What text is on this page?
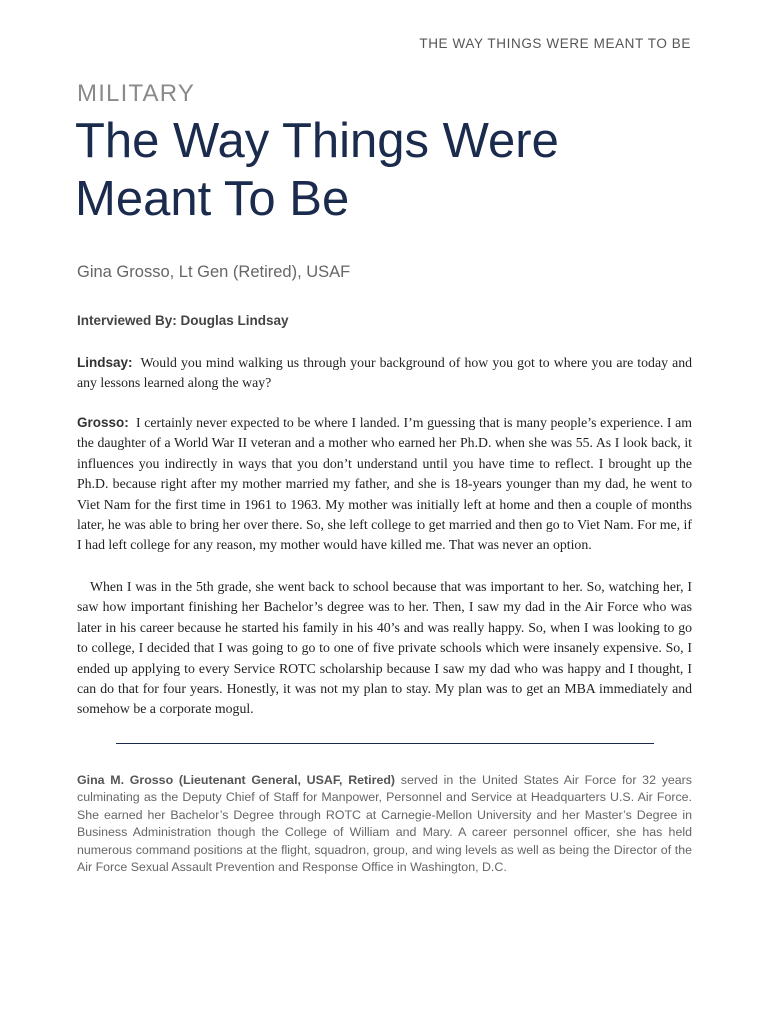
THE WAY THINGS WERE MEANT TO BE
MILITARY
The Way Things Were Meant To Be
Gina Grosso, Lt Gen (Retired), USAF
Interviewed By: Douglas Lindsay

Lindsay: Would you mind walking us through your background of how you got to where you are today and any lessons learned along the way?

Grosso: I certainly never expected to be where I landed. I’m guessing that is many people’s experience. I am the daughter of a World War II veteran and a mother who earned her Ph.D. when she was 55. As I look back, it influences you indirectly in ways that you don’t understand until you have time to reflect. I brought up the Ph.D. because right after my mother married my father, and she is 18-years younger than my dad, he went to Viet Nam for the first time in 1961 to 1963. My mother was initially left at home and then a couple of months later, he was able to bring her over there. So, she left college to get married and then go to Viet Nam. For me, if I had left college for any reason, my mother would have killed me. That was never an option.

When I was in the 5th grade, she went back to school because that was important to her. So, watching her, I saw how important finishing her Bachelor’s degree was to her. Then, I saw my dad in the Air Force who was later in his career because he started his family in his 40’s and was really happy. So, when I was looking to go to college, I decided that I was going to go to one of five private schools which were insanely expensive. So, I ended up applying to every Service ROTC scholarship because I saw my dad who was happy and I thought, I can do that for four years. Honestly, it was not my plan to stay. My plan was to get an MBA immediately and somehow be a corporate mogul.

Gina M. Grosso (Lieutenant General, USAF, Retired) served in the United States Air Force for 32 years culminating as the Deputy Chief of Staff for Manpower, Personnel and Service at Headquarters U.S. Air Force. She earned her Bachelor’s Degree through ROTC at Carnegie-Mellon University and her Master’s Degree in Business Administration though the College of William and Mary. A career personnel officer, she has held numerous command positions at the flight, squadron, group, and wing levels as well as being the Director of the Air Force Sexual Assault Prevention and Response Office in Washington, D.C.
